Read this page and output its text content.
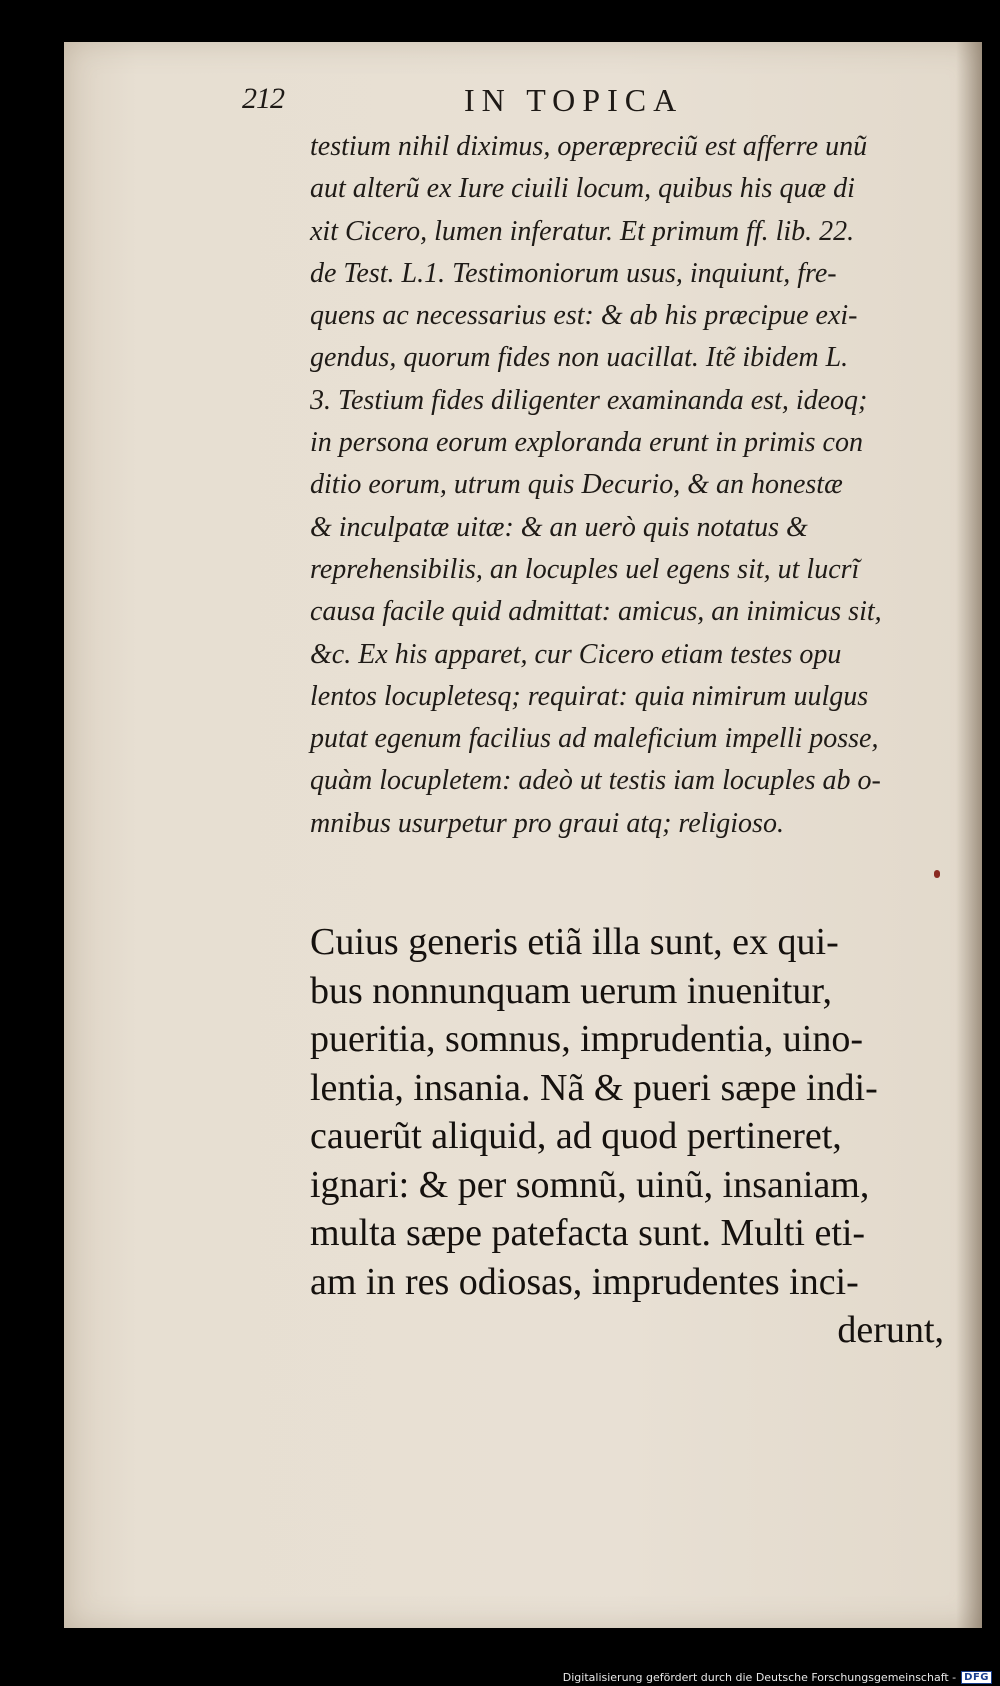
212	IN TOPICA
testium nihil diximus, operæpreciũ est afferre unũ
aut alterũ ex Iure ciuili locum, quibus his quæ di
xit Cicero, lumen inferatur. Et primum ff. lib. 22.
de Test. L.1. Testimoniorum usus, inquiunt, fre-
quens ac necessarius est: & ab his præcipue exi-
gendus, quorum fides non uacillat. Itẽ ibidem L.
3. Testium fides diligenter examinanda est, ideoq;
in persona eorum exploranda erunt in primis con
ditio eorum, utrum quis Decurio, & an honestæ
& inculpatæ uitæ: & an uerò quis notatus &
reprehensibilis, an locuples uel egens sit, ut lucrĩ
causa facile quid admittat: amicus, an inimicus sit,
&c. Ex his apparet, cur Cicero etiam testes opu
lentos locupletesq; requirat: quia nimirum uulgus
putat egenum facilius ad maleficium impelli posse,
quàm locupletem: adeò ut testis iam locuples ab o-
mnibus usurpetur pro graui atq; religioso.
Cuius generis etiã illa sunt, ex qui-
bus nonnunquam uerum inuenitur,
pueritia, somnus, imprudentia, uino-
lentia, insania. Nã & pueri sæpe indi-
cauerũt aliquid, ad quod pertineret,
ignari: & per somnũ, uinũ, insaniam,
multa sæpe patefacta sunt. Multi eti-
am in res odiosas, imprudentes inci-
derunt,
Digitalisierung gefördert durch die Deutsche Forschungsgemeinschaft - DFG
